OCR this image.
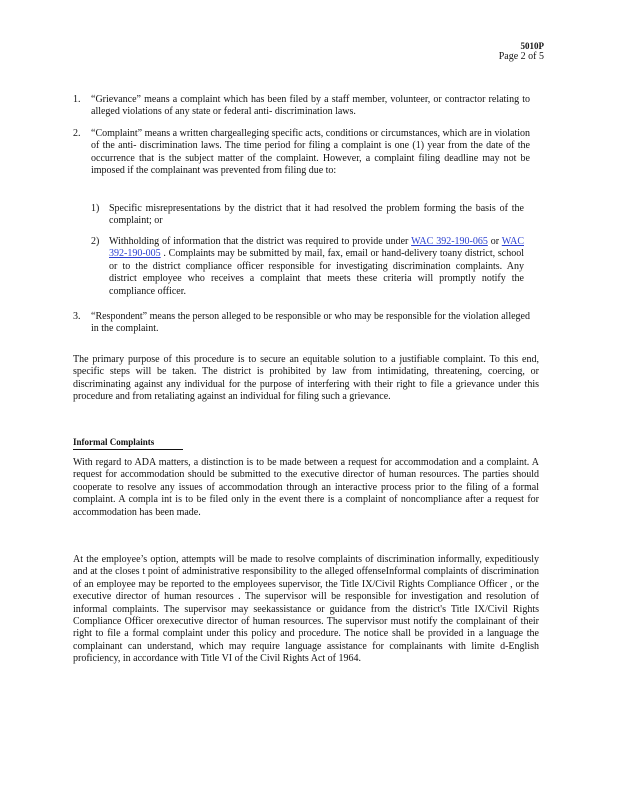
5010P
Page 2 of 5
1. “Grievance” means a complaint which has been filed by a staff member, volunteer, or contractor relating to alleged violations of any state or federal anti- discrimination laws.
2. “Complaint” means a written chargealleging specific acts, conditions or circumstances, which are in violation of the anti- discrimination laws. The time period for filing a complaint is one (1) year from the date of the occurrence that is the subject matter of the complaint. However, a complaint filing deadline may not be imposed if the complainant was prevented from filing due to:
1) Specific misrepresentations by the district that it had resolved the problem forming the basis of the complaint; or
2) Withholding of information that the district was required to provide under WAC 392-190-065 or WAC 392-190-005 . Complaints may be submitted by mail, fax, email or hand-delivery toany district, school or to the district compliance officer responsible for investigating discrimination complaints. Any district employee who receives a complaint that meets these criteria will promptly notify the compliance officer.
3. “Respondent” means the person alleged to be responsible or who may be responsible for the violation alleged in the complaint.
The primary purpose of this procedure is to secure an equitable solution to a justifiable complaint. To this end, specific steps will be taken. The district is prohibited by law from intimidating, threatening, coercing, or discriminating against any individual for the purpose of interfering with their right to file a grievance under this procedure and from retaliating against an individual for filing such a grievance.
Informal Complaints
With regard to ADA matters, a distinction is to be made between a request for accommodation and a complaint. A request for accommodation should be submitted to the executive director of human resources. The parties should cooperate to resolve any issues of accommodation through an interactive process prior to the filing of a formal complaint. A compla int is to be filed only in the event there is a complaint of noncompliance after a request for accommodation has been made.
At the employee’s option, attempts will be made to resolve complaints of discrimination informally, expeditiously and at the closes t point of administrative responsibility to the alleged offenseInformal complaints of discrimination of an employee may be reported to the employees supervisor, the Title IX/Civil Rights Compliance Officer , or the executive director of human resources . The supervisor will be responsible for investigation and resolution of informal complaints. The supervisor may seekassistance or guidance from the district's Title IX/Civil Rights Compliance Officer orexecutive director of human resources. The supervisor must notify the complainant of their right to file a formal complaint under this policy and procedure. The notice shall be provided in a language the complainant can understand, which may require language assistance for complainants with limite d-English proficiency, in accordance with Title VI of the Civil Rights Act of 1964.
